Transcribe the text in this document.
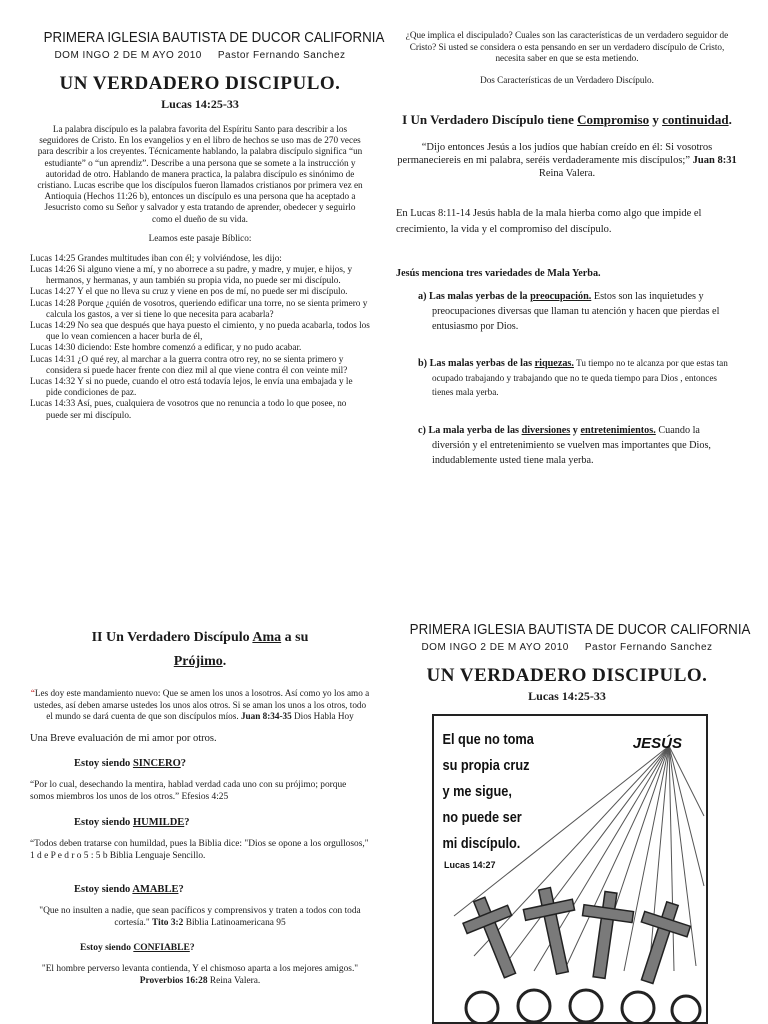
PRIMERA IGLESIA BAUTISTA DE DUCOR CALIFORNIA
DOM INGO 2 DE M AYO 2010 Pastor Fernando Sanchez
UN VERDADERO DISCIPULO.
Lucas 14:25-33
La palabra discípulo es la palabra favorita del Espíritu Santo para describir a los seguidores de Cristo. En los evangelios y en el libro de hechos se uso mas de 270 veces para describir a los creyentes. Técnicamente hablando, la palabra discípulo significa “un estudiante” o “un aprendiz”. Describe a una persona que se somete a la instrucción y autoridad de otro. Hablando de manera practica, la palabra discípulo es sinónimo de cristiano. Lucas escribe que los discípulos fueron llamados cristianos por primera vez en Antioquia (Hechos 11:26 b), entonces un discípulo es una persona que ha aceptado a Jesucristo como su Señor y salvador y esta tratando de aprender, obedecer y seguirlo como el dueño de su vida.
Leamos este pasaje Bíblico:
Lucas 14:25 Grandes multitudes iban con él; y volviéndose, les dijo:
Lucas 14:26 Si alguno viene a mí, y no aborrece a su padre, y madre, y mujer, e hijos, y hermanos, y hermanas, y aun también su propia vida, no puede ser mi discípulo.
Lucas 14:27 Y el que no lleva su cruz y viene en pos de mí, no puede ser mi discípulo.
Lucas 14:28 Porque ¿quién de vosotros, queriendo edificar una torre, no se sienta primero y calcula los gastos, a ver si tiene lo que necesita para acabarla?
Lucas 14:29 No sea que después que haya puesto el cimiento, y no pueda acabarla, todos los que lo vean comiencen a hacer burla de él,
Lucas 14:30 diciendo: Este hombre comenzó a edificar, y no pudo acabar.
Lucas 14:31 ¿O qué rey, al marchar a la guerra contra otro rey, no se sienta primero y considera si puede hacer frente con diez mil al que viene contra él con veinte mil?
Lucas 14:32 Y si no puede, cuando el otro está todavía lejos, le envía una embajada y le pide condiciones de paz.
Lucas 14:33 Así, pues, cualquiera de vosotros que no renuncia a todo lo que posee, no puede ser mi discípulo.
¿Que implica el discipulado? Cuales son las características de un verdadero seguidor de Cristo? Si usted se considera o esta pensando en ser un verdadero discípulo de Cristo, necesita saber en que se esta metiendo.
Dos Características de un Verdadero Discípulo.
I Un Verdadero Discípulo tiene Compromiso y continuidad.
“Dijo entonces Jesús a los judíos que habían creído en él: Si vosotros permaneciereis en mi palabra, seréis verdaderamente mis discípulos;” Juan 8:31 Reina Valera.
En Lucas 8:11-14 Jesús habla de la mala hierba como algo que impide el crecimiento, la vida y el compromiso del discípulo.
Jesús menciona tres variedades de Mala Yerba.
a) Las malas yerbas de la preocupación. Estos son las inquietudes y preocupaciones diversas que llaman tu atención y hacen que pierdas el entusiasmo por Dios.
b) Las malas yerbas de las riquezas. Tu tiempo no te alcanza por que estas tan ocupado trabajando y trabajando que no te queda tiempo para Dios , entonces tienes mala yerba.
c) La mala yerba de las diversiones y entretenimientos. Cuando la diversión y el entretenimiento se vuelven mas importantes que Dios, indudablemente usted tiene mala yerba.
II Un Verdadero Discípulo Ama a su
Prójimo.
“Les doy este mandamiento nuevo: Que se amen los unos a losotros. Así como yo los amo a ustedes, así deben amarse ustedes los unos alos otros. Si se aman los unos a los otros, todo el mundo se dará cuenta de que son discípulos míos. Juan 8:34-35 Dios Habla Hoy
Una Breve evaluación de mi amor por otros.
Estoy siendo SINCERO?
“Por lo cual, desechando la mentira, hablad verdad cada uno con su prójimo; porque somos miembros los unos de los otros.” Efesios 4:25
Estoy siendo HUMILDE?
“Todos deben tratarse con humildad, pues la Biblia dice: "Dios se opone a los orgullosos," 1 d e P e d r o 5 : 5 b Biblia Lenguaje Sencillo.
Estoy siendo AMABLE?
"Que no insulten a nadie, que sean pacíficos y comprensivos y traten a todos con toda cortesía." Tito 3:2 Biblia Latinoamericana 95
Estoy siendo CONFIABLE?
"El hombre perverso levanta contienda, Y el chismoso aparta a los mejores amigos." Proverbios 16:28 Reina Valera.
PRIMERA IGLESIA BAUTISTA DE DUCOR CALIFORNIA
DOM INGO 2 DE M AYO 2010 Pastor Fernando Sanchez
UN VERDADERO DISCIPULO.
Lucas 14:25-33
JESÚS
El que no toma
su propia cruz
y me sigue,
no puede ser
mi discípulo.
Lucas 14:27
